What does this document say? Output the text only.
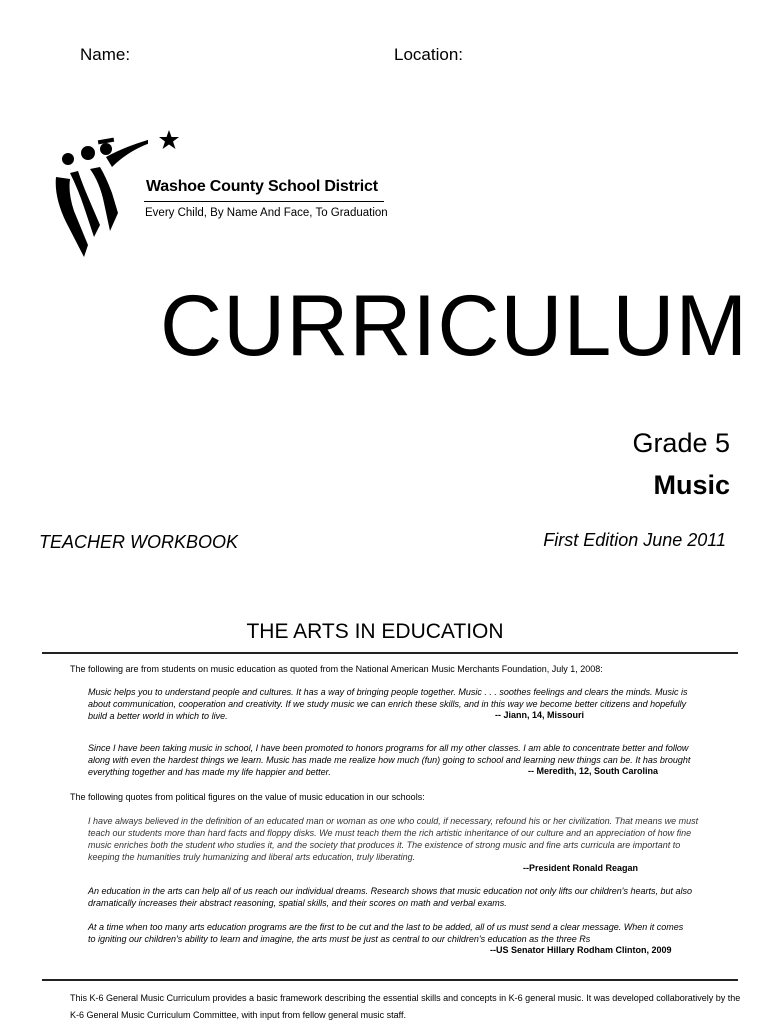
Name:	Location:
Washoe County School District
Every Child, By Name And Face, To Graduation
CURRICULUM
Grade 5
Music
TEACHER WORKBOOK	First Edition June 2011
THE ARTS IN EDUCATION
The following are from students on music education as quoted from the National American Music Merchants Foundation, July 1, 2008:
Music helps you to understand people and cultures. It has a way of bringing people together. Music . . . soothes feelings and clears the minds. Music is about communication, cooperation and creativity. If we study music we can enrich these skills, and in this way we become better citizens and hopefully build a better world in which to live.	-- Jiann, 14, Missouri
Since I have been taking music in school, I have been promoted to honors programs for all my other classes. I am able to concentrate better and follow along with even the hardest things we learn. Music has made me realize how much (fun) going to school and learning new things can be. It has brought everything together and has made my life happier and better.	-- Meredith, 12, South Carolina
The following quotes from political figures on the value of music education in our schools:
I have always believed in the definition of an educated man or woman as one who could, if necessary, refound his or her civilization. That means we must teach our students more than hard facts and floppy disks. We must teach them the rich artistic inheritance of our culture and an appreciation of how fine music enriches both the student who studies it, and the society that produces it. The existence of strong music and fine arts curricula are important to keeping the humanities truly humanizing and liberal arts education, truly liberating.
--President Ronald Reagan
An education in the arts can help all of us reach our individual dreams. Research shows that music education not only lifts our children's hearts, but also dramatically increases their abstract reasoning, spatial skills, and their scores on math and verbal exams.
At a time when too many arts education programs are the first to be cut and the last to be added, all of us must send a clear message. When it comes to igniting our children's ability to learn and imagine, the arts must be just as central to our children's education as the three Rs
--US Senator Hillary Rodham Clinton, 2009
This K-6 General Music Curriculum provides a basic framework describing the essential skills and concepts in K-6 general music. It was developed collaboratively by the K-6 General Music Curriculum Committee, with input from fellow general music staff.
